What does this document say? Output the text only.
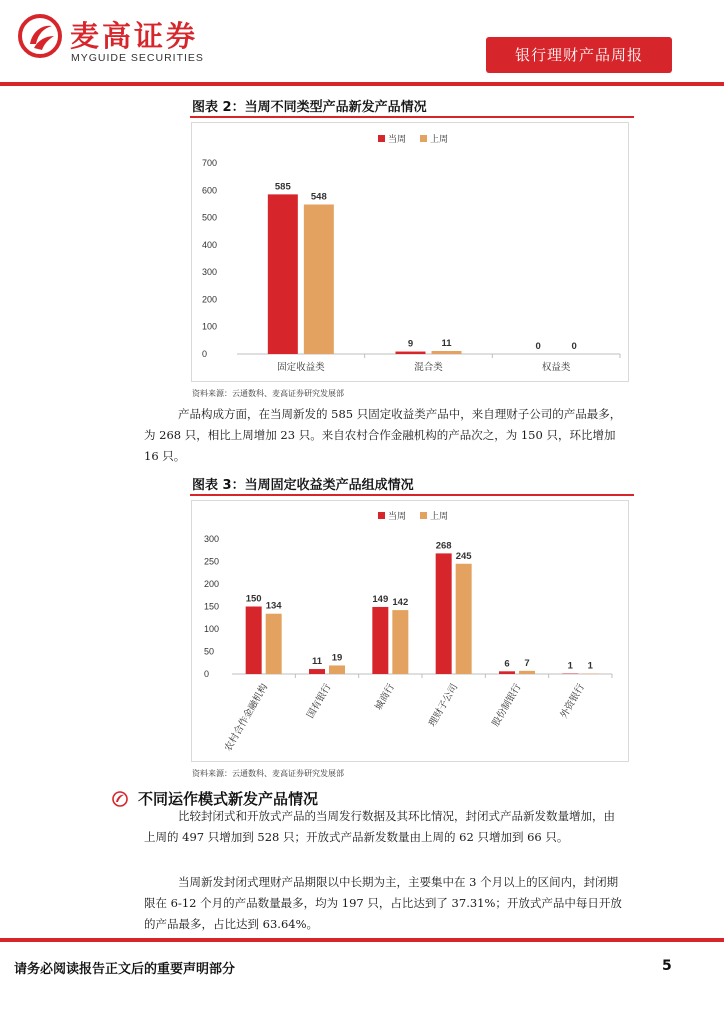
麦高证券
MYGUIDE SECURITIES	银行理财产品周报
图表 2：当周不同类型产品新发产品情况
当周	上周
0
100
200
300
400
500
600
700
585
548
固定收益类
9	11
混合类
0	0
权益类
资料来源：云通数科、麦高证券研究发展部
产品构成方面，在当周新发的 585 只固定收益类产品中，来自理财子公司的产品最多，为 268 只，相比上周增加 23 只。来自农村合作金融机构的产品次之，为 150 只，环比增加 16 只。
图表 3：当周固定收益类产品组成情况
当周	上周
0
50
100
150
200
250
300
150
134
农村合作金融机构
11 19
国有银行
149 142
城商行
268
245
理财子公司
6 7
股份制银行
1 1
外资银行
资料来源：云通数科、麦高证券研究发展部
不同运作模式新发产品情况
比较封闭式和开放式产品的当周发行数据及其环比情况，封闭式产品新发数量增加，由上周的 497 只增加到 528 只；开放式产品新发数量由上周的 62 只增加到 66 只。
当周新发封闭式理财产品期限以中长期为主，主要集中在 3 个月以上的区间内，封闭期限在 6-12 个月的产品数量最多，均为 197 只，占比达到了 37.31%；开放式产品中每日开放的产品最多，占比达到 63.64%。
请务必阅读报告正文后的重要声明部分	5
